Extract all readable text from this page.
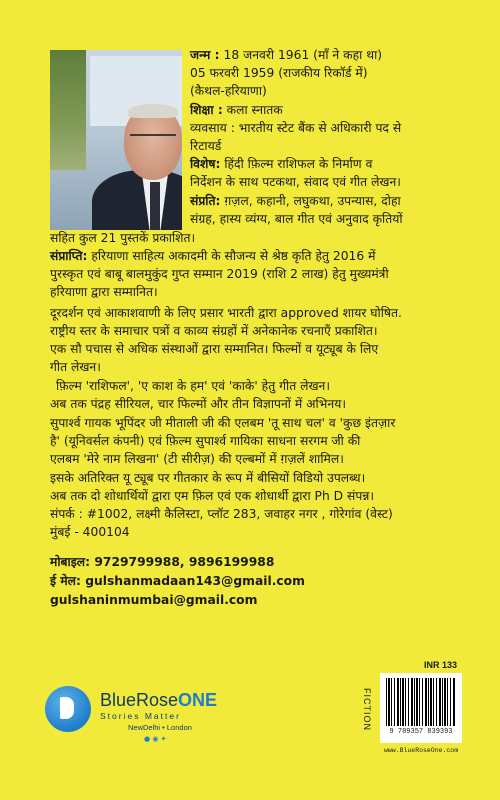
जन्म : 18 जनवरी 1961 (माँ ने कहा था)
05 फरवरी 1959 (राजकीय रिकॉर्ड में)
(कैथल-हरियाणा)
शिक्षा : कला स्नातक
व्यवसाय : भारतीय स्टेट बैंक से अधिकारी पद से
रिटायर्ड
विशेष: हिंदी फ़िल्म राशिफल के निर्माण व
निर्देशन के साथ पटकथा, संवाद एवं गीत लेखन।
संप्रति: ग़ज़ल, कहानी, लघुकथा, उपन्यास, दोहा
संग्रह, हास्य व्यंग्य, बाल गीत एवं अनुवाद कृतियों
सहित कुल 21 पुस्तकें प्रकाशित।
संप्राप्ति: हरियाणा साहित्य अकादमी के सौजन्य से श्रेष्ठ कृति हेतु 2016 में
पुरस्कृत एवं बाबू बालमुकुंद गुप्त सम्मान 2019 (राशि 2 लाख) हेतु मुख्यमंत्री
हरियाणा द्वारा सम्मानित।
दूरदर्शन एवं आकाशवाणी के लिए प्रसार भारती द्वारा approved शायर घोषित.
राष्ट्रीय स्तर के समाचार पत्रों व काव्य संग्रहों में अनेकानेक रचनाएँ प्रकाशित।
एक सौ पचास से अधिक संस्थाओं द्वारा सम्मानित। फिल्मों व यूट्यूब के लिए
गीत लेखन।
फ़िल्म 'राशिफल', 'ए काश के हम' एवं 'काके' हेतु गीत लेखन।
अब तक पंद्रह सीरियल, चार फिल्मों और तीन विज्ञापनों में अभिनय।
सुपार्श्व गायक भूपिंदर जी मीताली जी की एलबम 'तू साथ चल' व 'कुछ इंतज़ार
है' (यूनिवर्सल कंपनी) एवं फ़िल्म सुपार्श्व गायिका साधना सरगम जी की
एलबम 'मेरे नाम लिखना' (टी सीरीज़) की एल्बमों में ग़ज़लें शामिल।
इसके अतिरिक्त यू ट्यूब पर गीतकार के रूप में बीसियों विडियो उपलब्ध।
अब तक दो शोधार्थियों द्वारा एम फ़िल एवं एक शोधार्थी द्वारा Ph D संपन्न।
संपर्क : #1002, लक्ष्मी कैलिस्टा, प्लॉट 283, जवाहर नगर , गोरेगांव (वेस्ट)
मुंबई - 400104
मोबाइल: 9729799988, 9896199988
ई मेल: gulshanmadaan143@gmail.com
gulshaninmumbai@gmail.com
BlueRoseONE
Stories Matter
NewDelhi • London
● ◉ ✦
INR 133
FICTION
9 789357 839393
www.BlueRoseOne.com
